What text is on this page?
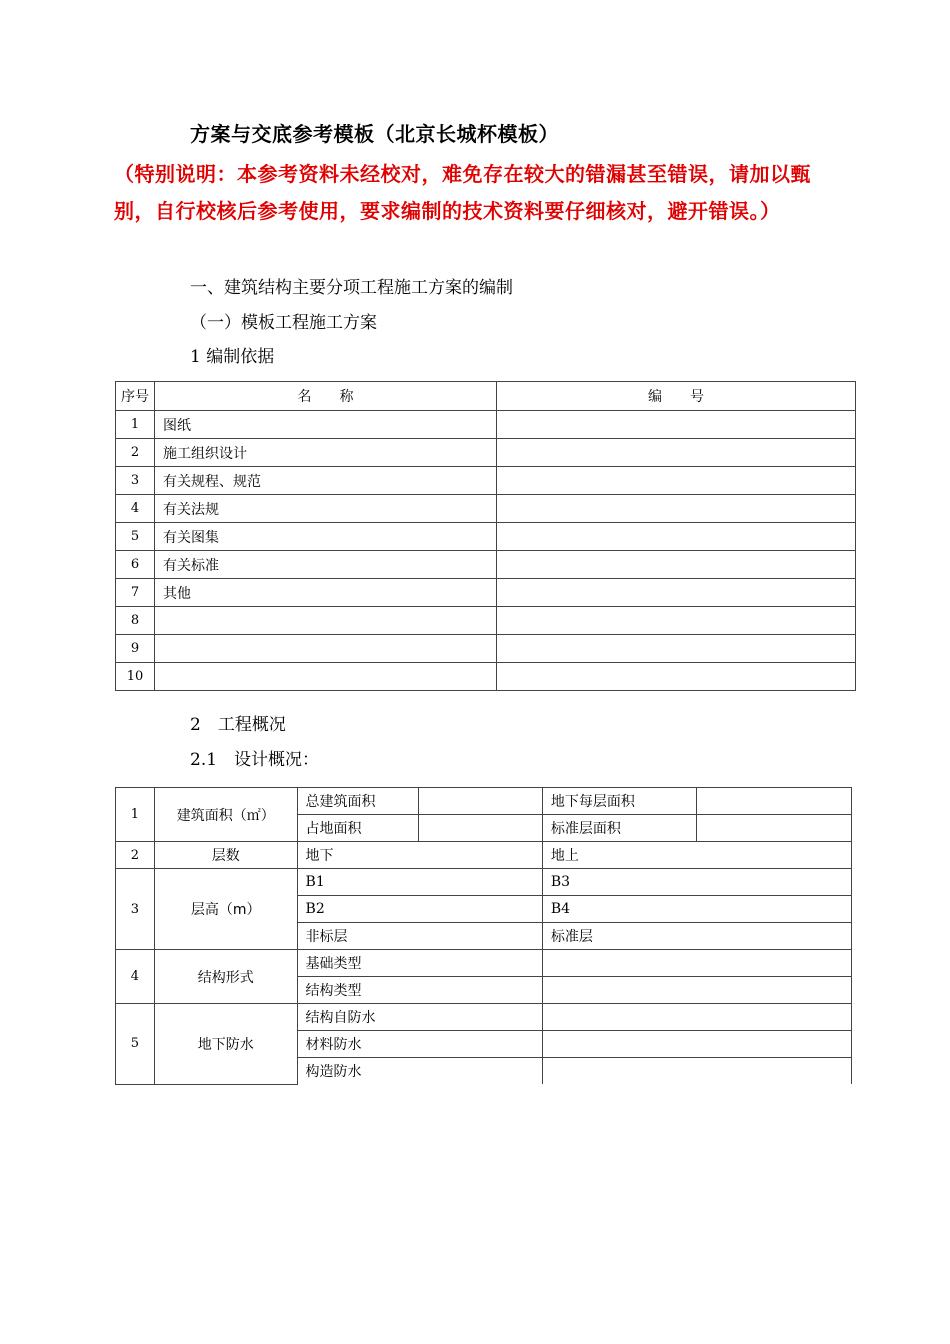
方案与交底参考模板（北京长城杯模板）
（特别说明：本参考资料未经校对，难免存在较大的错漏甚至错误，请加以甄别，自行校核后参考使用，要求编制的技术资料要仔细核对，避开错误。）
一、建筑结构主要分项工程施工方案的编制
（一）模板工程施工方案
1 编制依据
序号	名　　称	编　　号
1	图纸	
2	施工组织设计	
3	有关规程、规范	
4	有关法规	
5	有关图集	
6	有关标准	
7	其他	
8		
9		
10		
2　工程概况
2.1　设计概况：
1	建筑面积（㎡）	总建筑面积		地下每层面积	
		占地面积		标准层面积	
2	层数	地下		地上	
3	层高（m）	B1		B3	
		B2		B4	
		非标层		标准层	
4	结构形式	基础类型			
		结构类型			
5	地下防水	结构自防水			
		材料防水			
		构造防水			
